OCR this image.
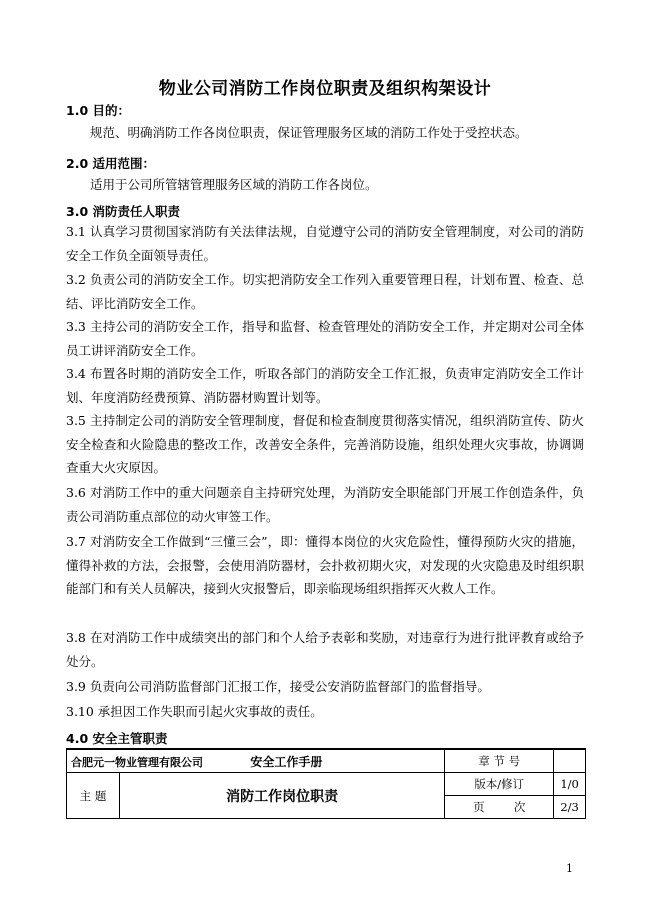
物业公司消防工作岗位职责及组织构架设计
1.0 目的：
规范、明确消防工作各岗位职责，保证管理服务区域的消防工作处于受控状态。
2.0 适用范围：
适用于公司所管辖管理服务区域的消防工作各岗位。
3.0 消防责任人职责
3.1 认真学习贯彻国家消防有关法律法规，自觉遵守公司的消防安全管理制度，对公司的消防安全工作负全面领导责任。
3.2 负责公司的消防安全工作。切实把消防安全工作列入重要管理日程，计划布置、检查、总结、评比消防安全工作。
3.3 主持公司的消防安全工作，指导和监督、检查管理处的消防安全工作，并定期对公司全体员工讲评消防安全工作。
3.4 布置各时期的消防安全工作，听取各部门的消防安全工作汇报，负责审定消防安全工作计划、年度消防经费预算、消防器材购置计划等。
3.5 主持制定公司的消防安全管理制度，督促和检查制度贯彻落实情况，组织消防宣传、防火安全检查和火险隐患的整改工作，改善安全条件，完善消防设施，组织处理火灾事故，协调调查重大火灾原因。
3.6 对消防工作中的重大问题亲自主持研究处理，为消防安全职能部门开展工作创造条件，负责公司消防重点部位的动火审签工作。
3.7 对消防安全工作做到“三懂三会”，即：懂得本岗位的火灾危险性，懂得预防火灾的措施，懂得补救的方法，会报警，会使用消防器材，会扑救初期火灾，对发现的火灾隐患及时组织职能部门和有关人员解决，接到火灾报警后，即亲临现场组织指挥灭火救人工作。
3.8 在对消防工作中成绩突出的部门和个人给予表彰和奖励，对违章行为进行批评教育或给予处分。
3.9 负责向公司消防监督部门汇报工作，接受公安消防监督部门的监督指导。
3.10 承担因工作失职而引起火灾事故的责任。
4.0 安全主管职责
合肥元一物业管理有限公司 安全工作手册		章 节 号	
主 题	消防工作岗位职责	版本/修订	1/0
		页        次	2/3
1
